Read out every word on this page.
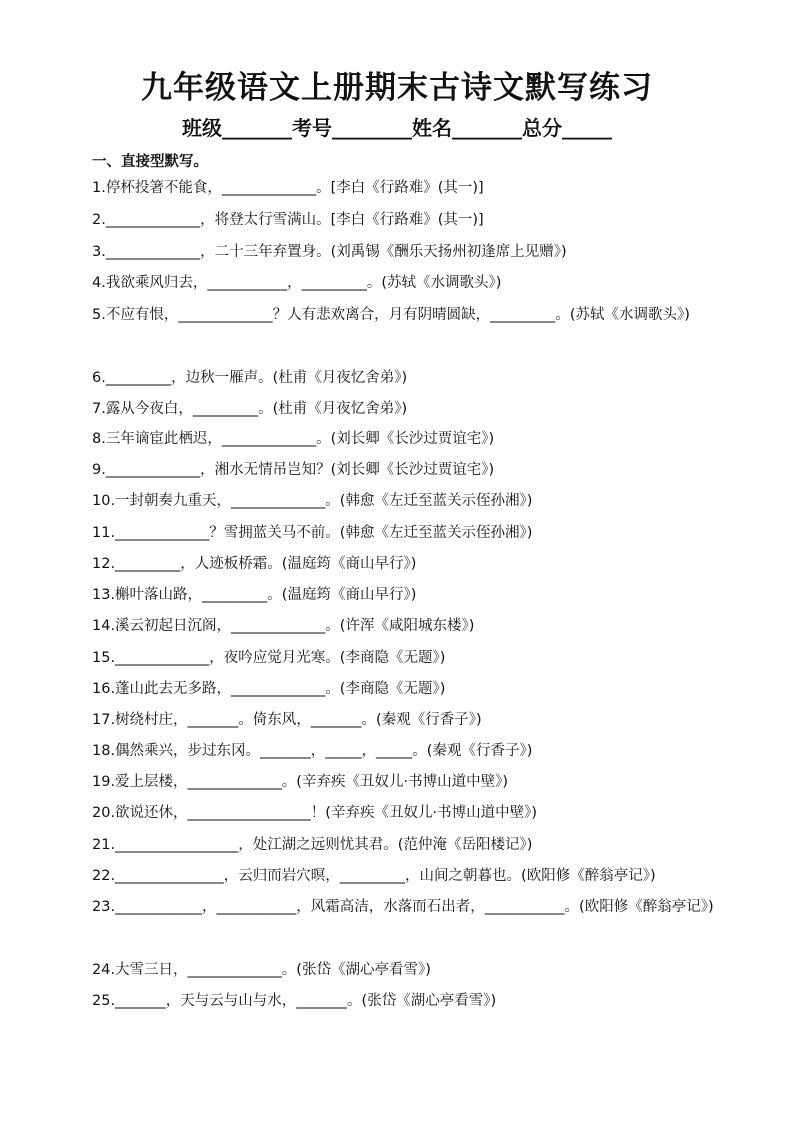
九年级语文上册期末古诗文默写练习
班级_______考号________姓名_______总分_____
一、直接型默写。
1.停杯投箸不能食，_____________。[李白《行路难》(其一)]
2._____________，将登太行雪满山。[李白《行路难》(其一)]
3._____________，二十三年弃置身。(刘禹锡《酬乐天扬州初逢席上见赠》)
4.我欲乘风归去，___________，_________。(苏轼《水调歌头》)
5.不应有恨，_____________？人有悲欢离合，月有阴晴圆缺，_________。(苏轼《水调歌头》)
6._________，边秋一雁声。(杜甫《月夜忆舍弟》)
7.露从今夜白，_________。(杜甫《月夜忆舍弟》)
8.三年谪宦此栖迟，_____________。(刘长卿《长沙过贾谊宅》)
9._____________，湘水无情吊岂知？(刘长卿《长沙过贾谊宅》)
10.一封朝奏九重天，_____________。(韩愈《左迁至蓝关示侄孙湘》)
11._____________？雪拥蓝关马不前。(韩愈《左迁至蓝关示侄孙湘》)
12._________，人迹板桥霜。(温庭筠《商山早行》)
13.槲叶落山路，_________。(温庭筠《商山早行》)
14.溪云初起日沉阁，_____________。(许浑《咸阳城东楼》)
15._____________，夜吟应觉月光寒。(李商隐《无题》)
16.蓬山此去无多路，_____________。(李商隐《无题》)
17.树绕村庄，_______。倚东风，_______。(秦观《行香子》)
18.偶然乘兴，步过东冈。_______，_____，_____。(秦观《行香子》)
19.爱上层楼，_____________。(辛弃疾《丑奴儿·书博山道中壁》)
20.欲说还休，_________________！(辛弃疾《丑奴儿·书博山道中壁》)
21._________________，处江湖之远则忧其君。(范仲淹《岳阳楼记》)
22._______________，云归而岩穴暝，_________，山间之朝暮也。(欧阳修《醉翁亭记》)
23.____________，___________，风霜高洁，水落而石出者，___________。(欧阳修《醉翁亭记》)
24.大雪三日，_____________。(张岱《湖心亭看雪》)
25._______，天与云与山与水，_______。(张岱《湖心亭看雪》)
